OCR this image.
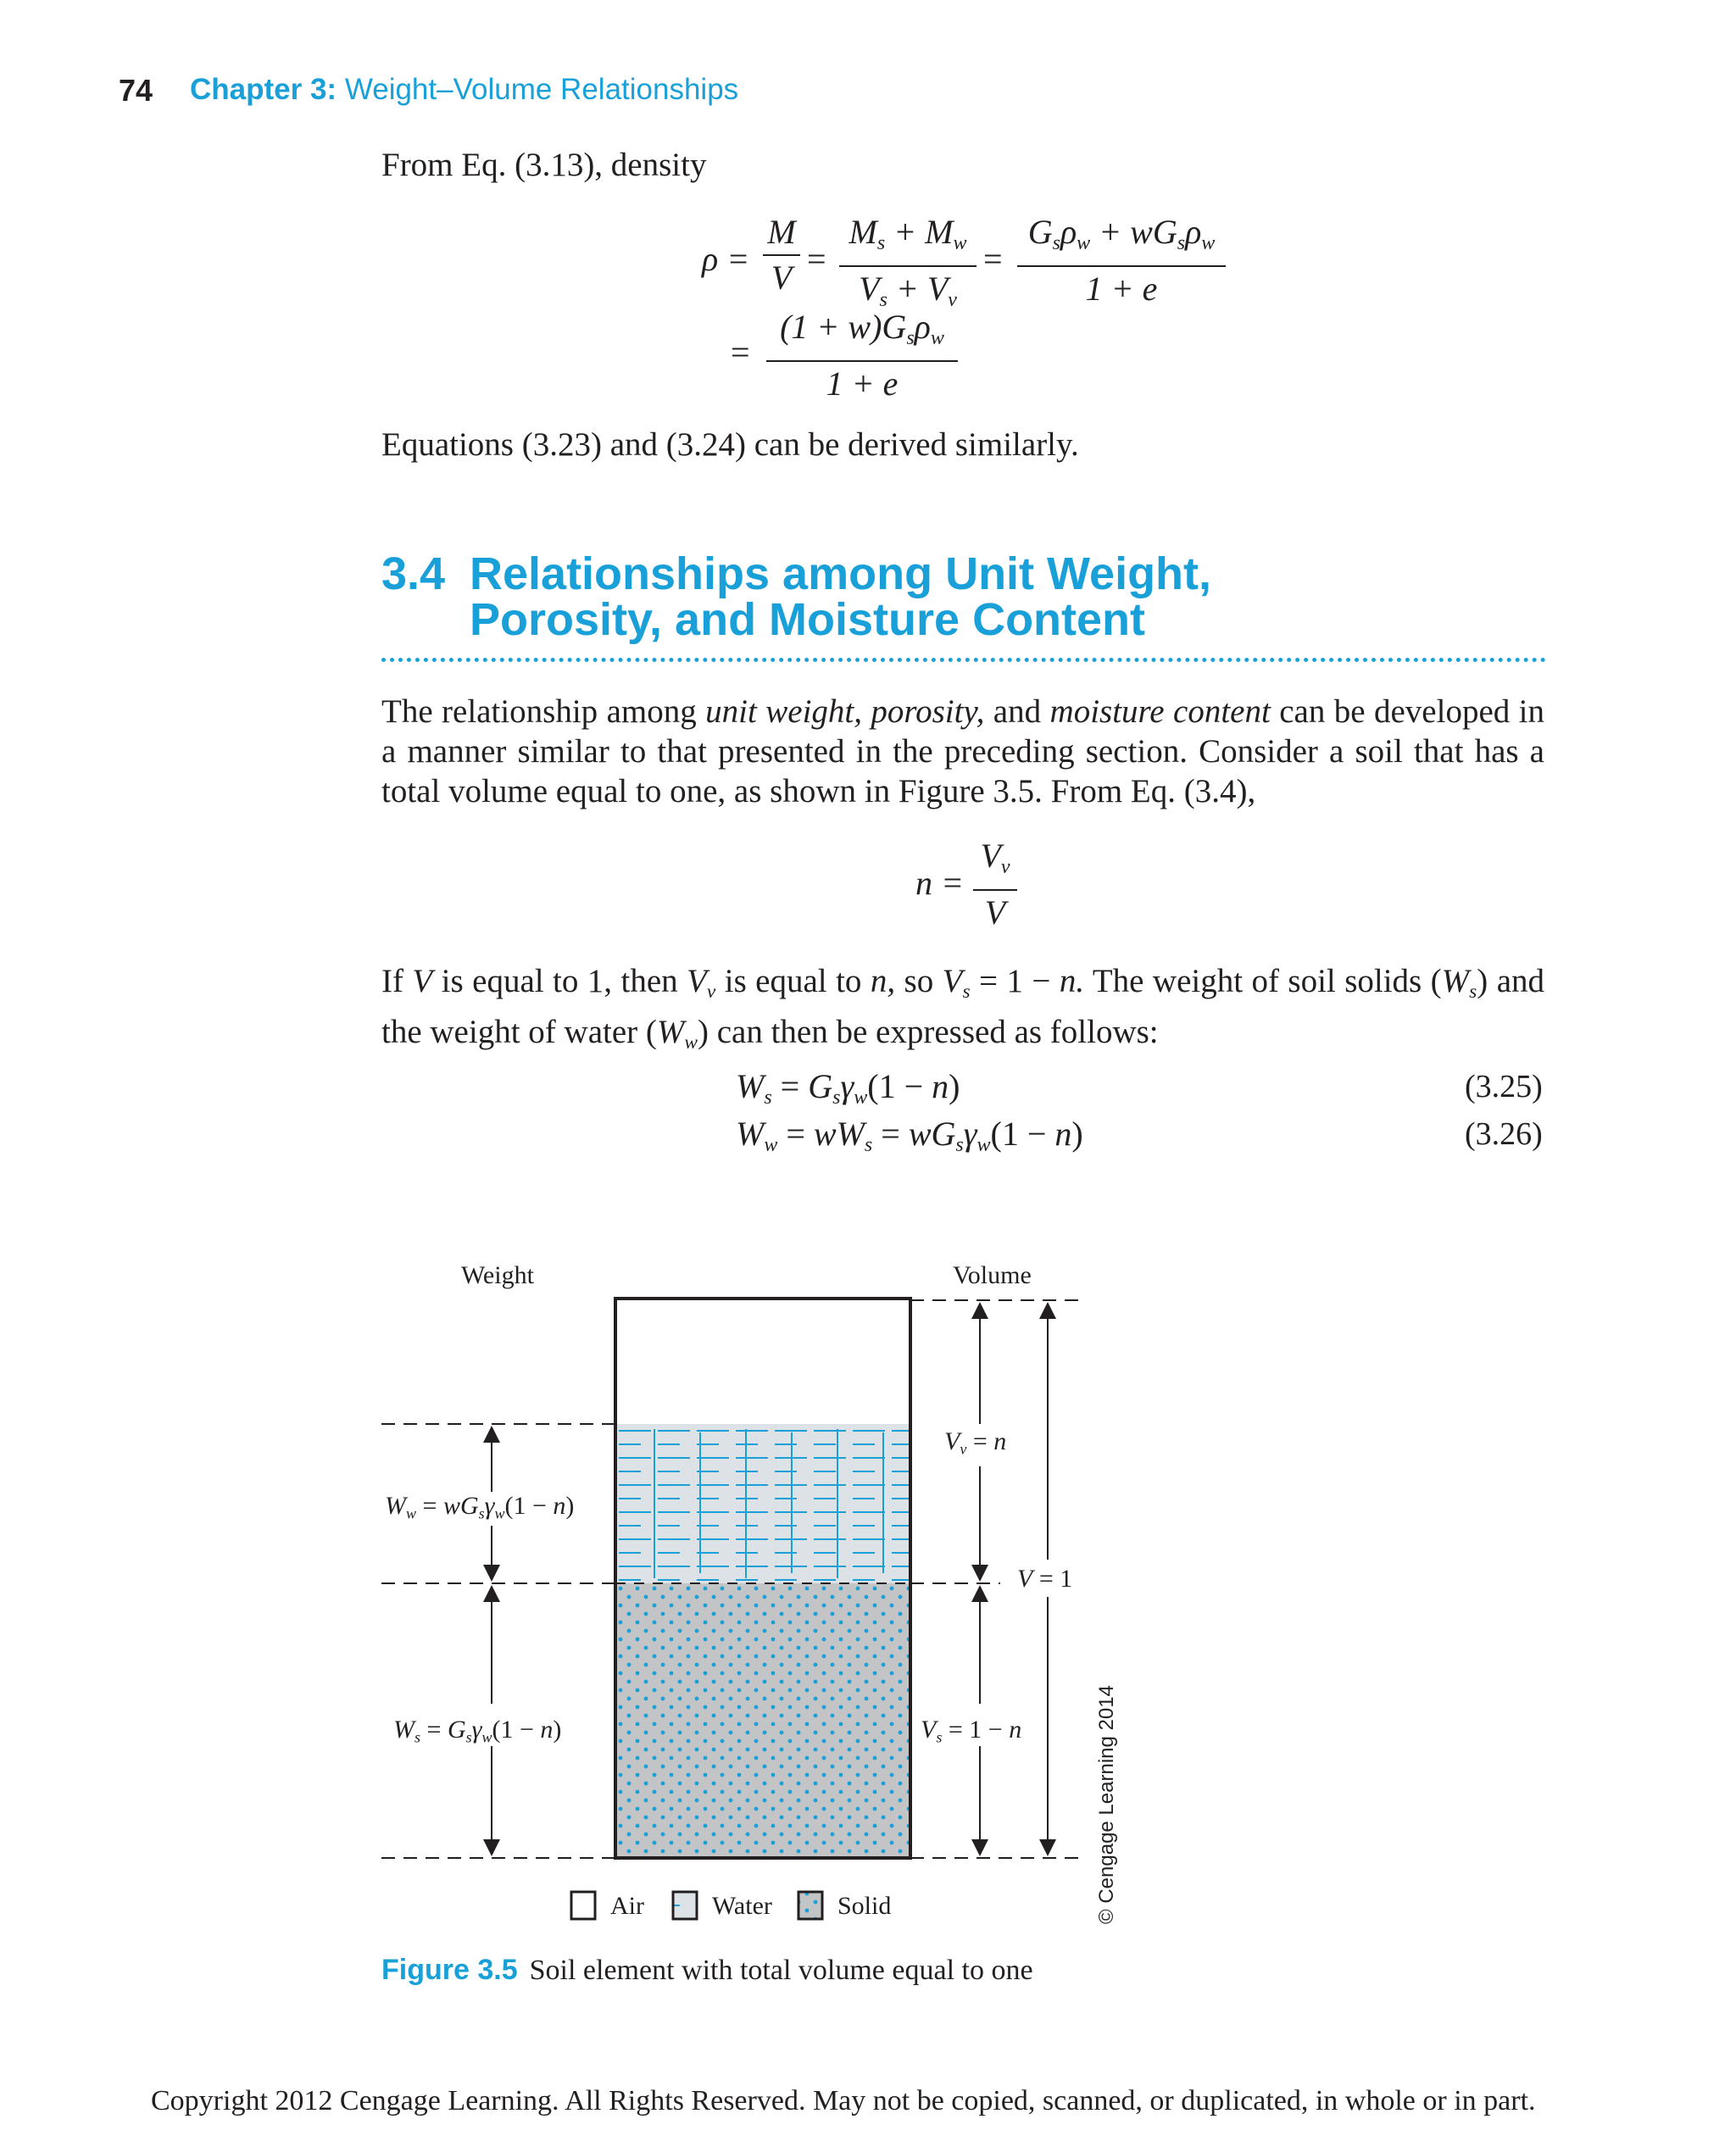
74 Chapter 3: Weight–Volume Relationships
From Eq. (3.13), density
ρ =
M
V =
$M_s + M_w$
$V_s + V_v$
=
$G_s\rho_w + wG_s\rho_w$
1 + e
=
$(1 + w)G_s\rho_w$
1 + e
Equations (3.23) and (3.24) can be derived similarly.
3.4 Relationships among Unit Weight,
Porosity, and Moisture Content
The relationship among unit weight, porosity, and moisture content can be developed in a manner similar to that presented in the preceding section. Consider a soil that has a total volume equal to one, as shown in Figure 3.5. From Eq. (3.4),
n =
$V_v$
V
If V is equal to 1, then $V_v$ is equal to n, so $V_s = 1 - n$. The weight of soil solids $(W_s)$ and the weight of water $(W_w)$ can then be expressed as follows:
$W_s = G_s\gamma_w(1 - n)$	(3.25)
$W_w = wW_s = wG_s\gamma_w(1 - n)$	(3.26)
Weight	Volume
$W_w = wG_s\gamma_w(1 - n)$
$W_s = G_s\gamma_w(1 - n)$
$V_v = n$
$V_s = 1 - n$
V = 1
Air	Water	Solid	© Cengage Learning 2014
Figure 3.5 Soil element with total volume equal to one
Copyright 2012 Cengage Learning. All Rights Reserved. May not be copied, scanned, or duplicated, in whole or in part.
